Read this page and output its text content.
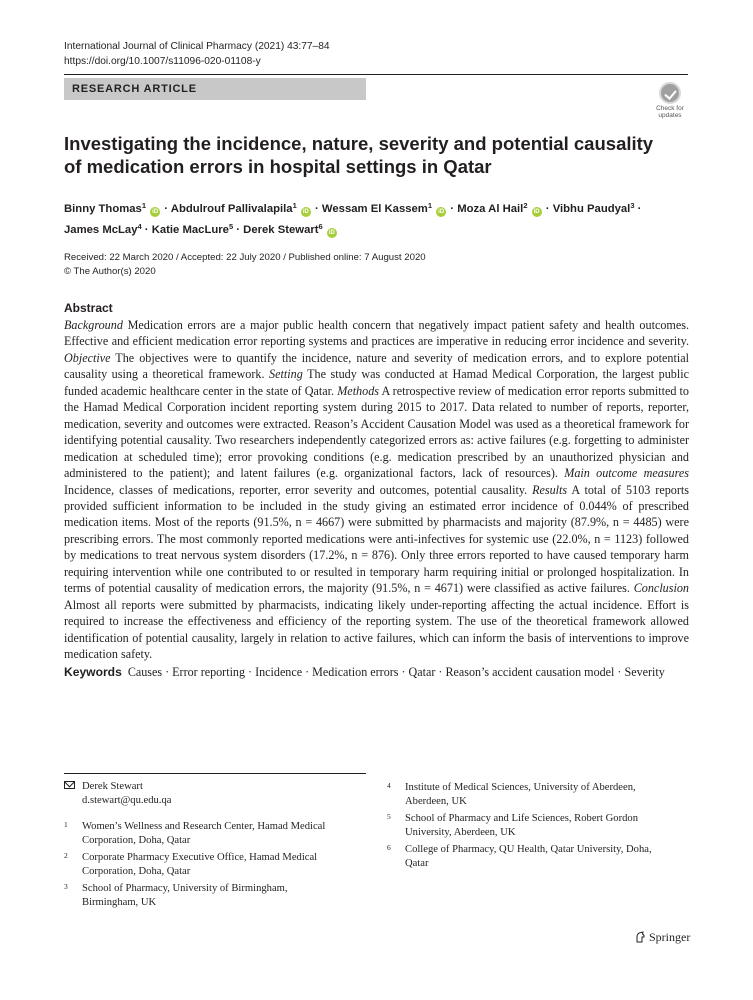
International Journal of Clinical Pharmacy (2021) 43:77–84
https://doi.org/10.1007/s11096-020-01108-y
RESEARCH ARTICLE
Check for
updates
Investigating the incidence, nature, severity and potential causality
of medication errors in hospital settings in Qatar
Binny Thomas$^1$ iD · Abdulrouf Pallivalapila$^1$ iD · Wessam El Kassem$^1$ iD · Moza Al Hail$^2$ iD · Vibhu Paudyal$^3$ ·
James McLay$^4$ · Katie MacLure$^5$ · Derek Stewart$^6$ iD
Received: 22 March 2020 / Accepted: 22 July 2020 / Published online: 7 August 2020
© The Author(s) 2020
Abstract
Background Medication errors are a major public health concern that negatively impact patient safety and health outcomes. Effective and efficient medication error reporting systems and practices are imperative in reducing error incidence and severity. Objective The objectives were to quantify the incidence, nature and severity of medication errors, and to explore potential causality using a theoretical framework. Setting The study was conducted at Hamad Medical Corporation, the largest public funded academic healthcare center in the state of Qatar. Methods A retrospective review of medication error reports submitted to the Hamad Medical Corporation incident reporting system during 2015 to 2017. Data related to number of reports, reporter, medication, severity and outcomes were extracted. Reason’s Accident Causation Model was used as a theoretical framework for identifying potential causality. Two researchers independently categorized errors as: active failures (e.g. forgetting to administer medication at scheduled time); error provoking conditions (e.g. medication prescribed by an unauthorized physician and administered to the patient); and latent failures (e.g. organizational factors, lack of resources). Main outcome measures Incidence, classes of medications, reporter, error severity and outcomes, potential causality. Results A total of 5103 reports provided sufficient information to be included in the study giving an estimated error incidence of 0.044% of prescribed medication items. Most of the reports (91.5%, n = 4667) were submitted by pharmacists and majority (87.9%, n = 4485) were prescribing errors. The most commonly reported medications were anti-infectives for systemic use (22.0%, n = 1123) followed by medications to treat nervous system disorders (17.2%, n = 876). Only three errors reported to have caused temporary harm requiring intervention while one contributed to or resulted in temporary harm requiring initial or prolonged hospitalization. In terms of potential causality of medication errors, the majority (91.5%, n = 4671) were classified as active failures. Conclusion Almost all reports were submitted by pharmacists, indicating likely under-reporting affecting the actual incidence. Effort is required to increase the effectiveness and efficiency of the reporting system. The use of the theoretical framework allowed identification of potential causality, largely in relation to active failures, which can inform the basis of interventions to improve medication safety.
Keywords Causes · Error reporting · Incidence · Medication errors · Qatar · Reason’s accident causation model · Severity
Derek Stewart
d.stewart@qu.edu.qa
1 Women’s Wellness and Research Center, Hamad Medical Corporation, Doha, Qatar
2 Corporate Pharmacy Executive Office, Hamad Medical Corporation, Doha, Qatar
3 School of Pharmacy, University of Birmingham, Birmingham, UK
4 Institute of Medical Sciences, University of Aberdeen, Aberdeen, UK
5 School of Pharmacy and Life Sciences, Robert Gordon University, Aberdeen, UK
6 College of Pharmacy, QU Health, Qatar University, Doha, Qatar
Springer
